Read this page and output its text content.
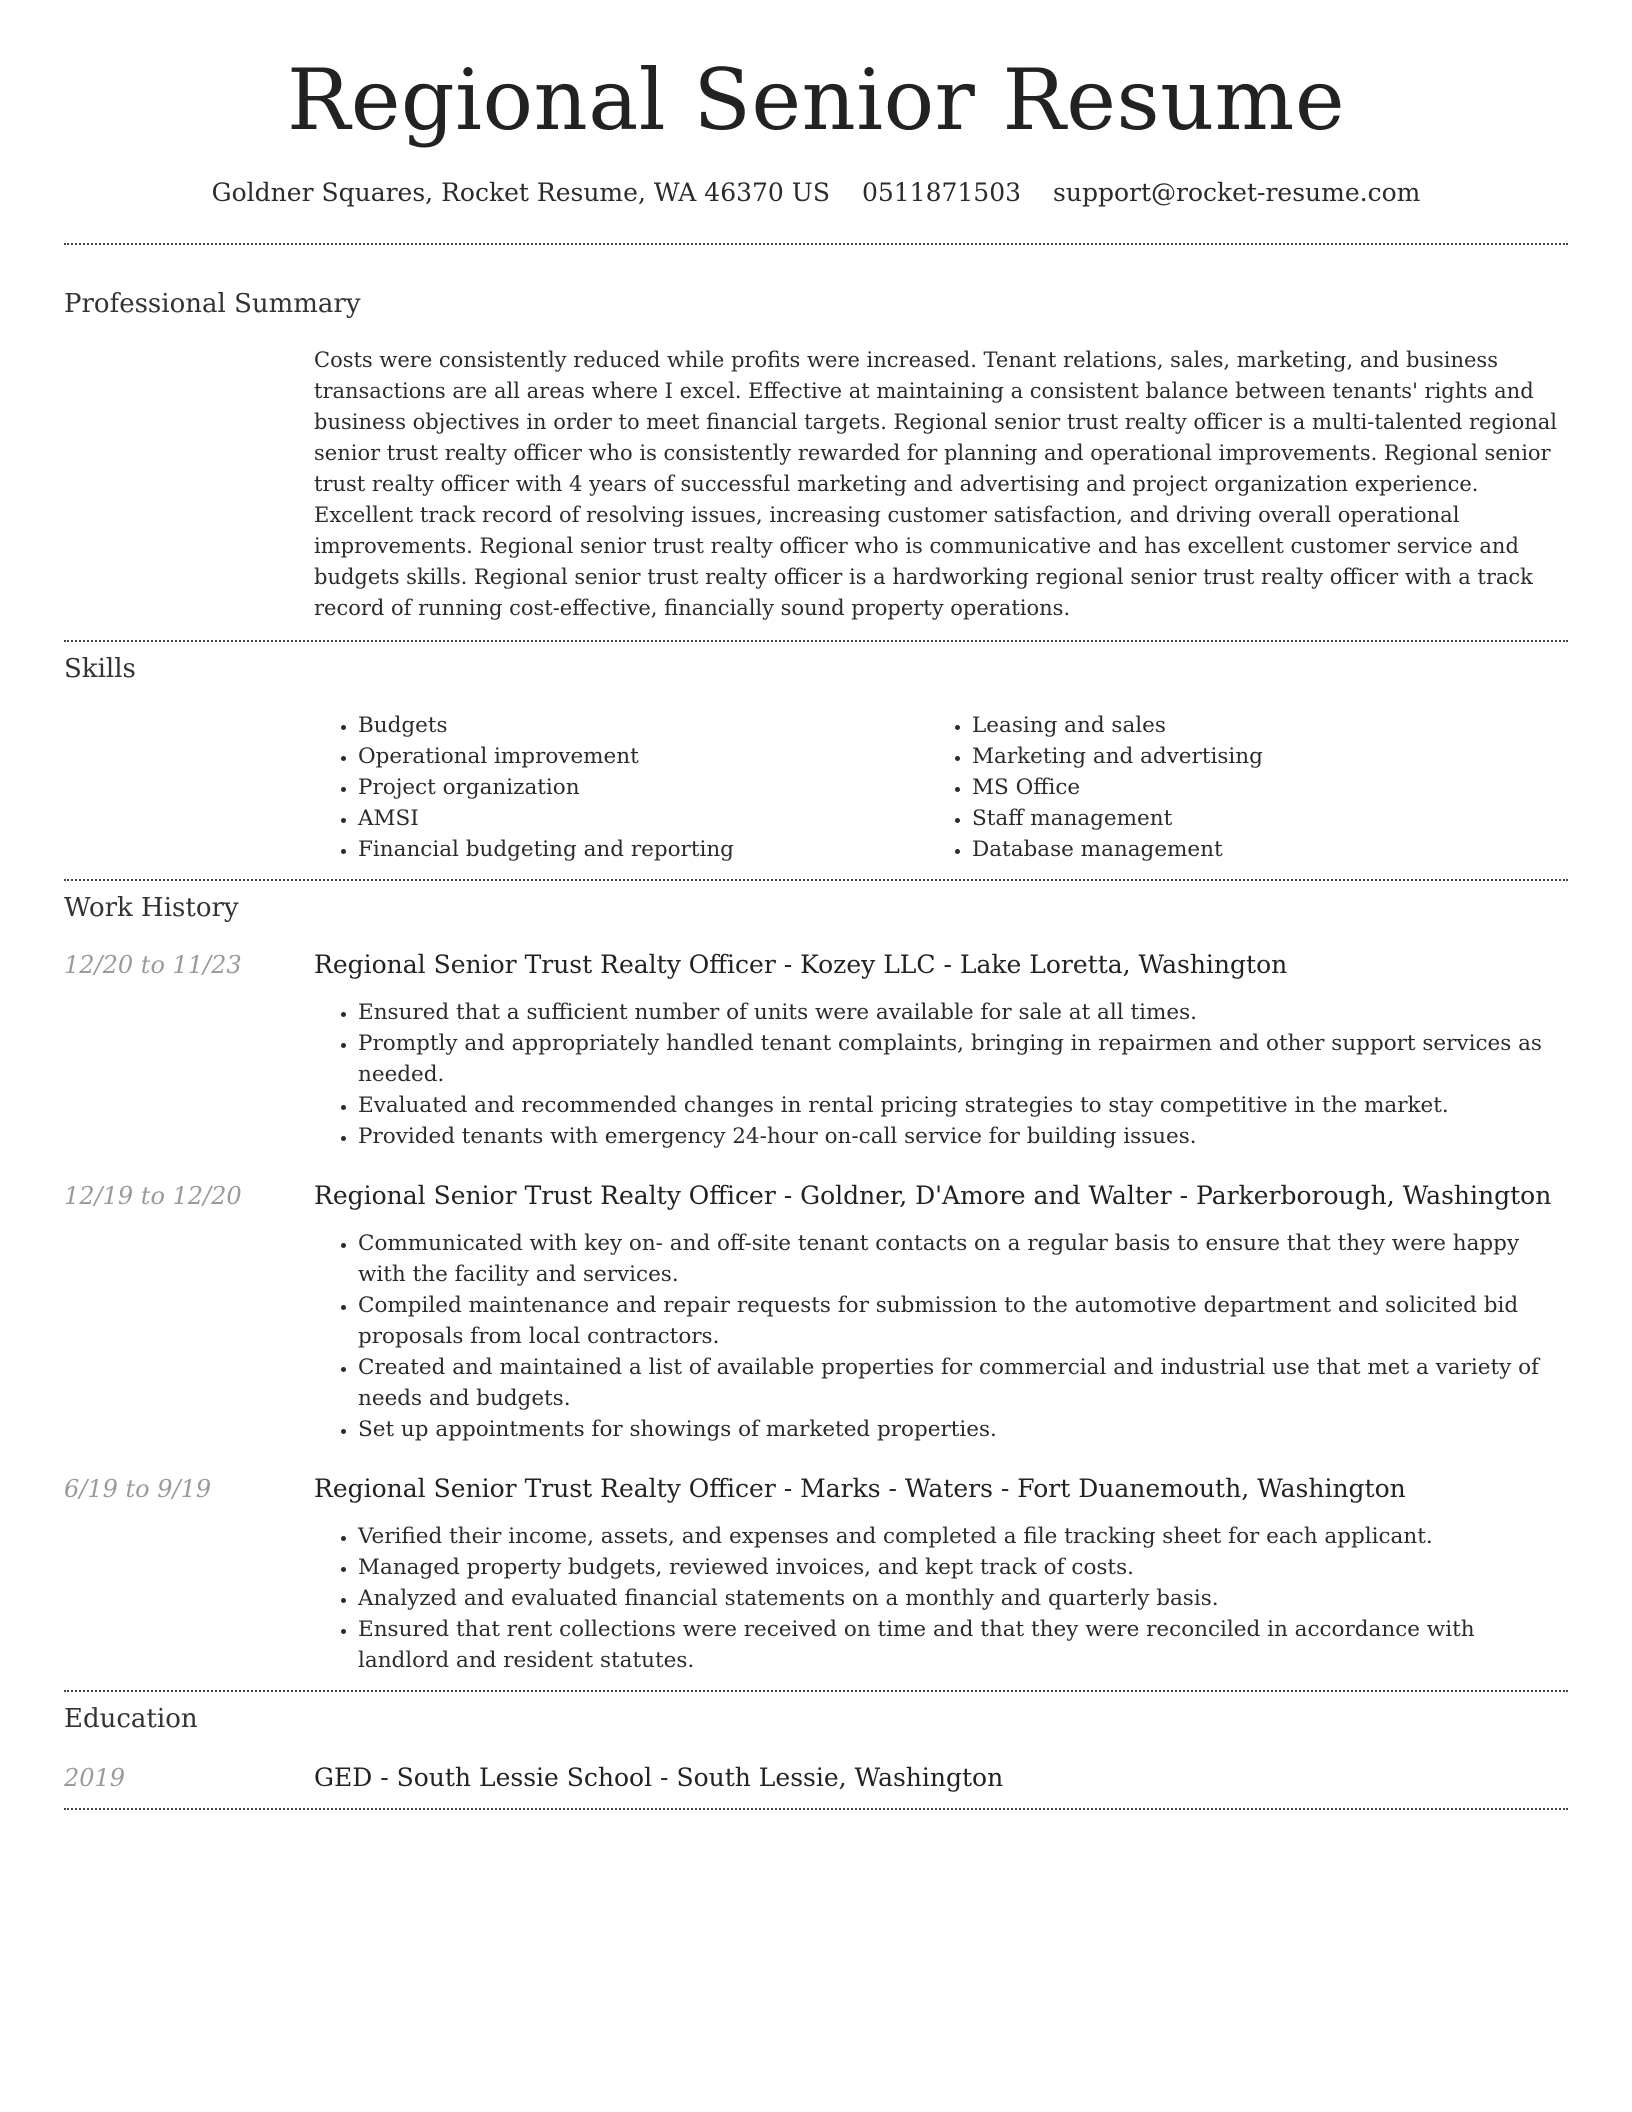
Regional Senior Resume
Goldner Squares, Rocket Resume, WA 46370 US 0511871503 support@rocket-resume.com
Professional Summary

Costs were consistently reduced while profits were increased. Tenant relations, sales, marketing, and business transactions are all areas where I excel. Effective at maintaining a consistent balance between tenants' rights and business objectives in order to meet financial targets. Regional senior trust realty officer is a multi-talented regional senior trust realty officer who is consistently rewarded for planning and operational improvements. Regional senior trust realty officer with 4 years of successful marketing and advertising and project organization experience. Excellent track record of resolving issues, increasing customer satisfaction, and driving overall operational improvements. Regional senior trust realty officer who is communicative and has excellent customer service and budgets skills. Regional senior trust realty officer is a hardworking regional senior trust realty officer with a track record of running cost-effective, financially sound property operations.

Skills
• Budgets
• Operational improvement
• Project organization
• AMSI
• Financial budgeting and reporting
• Leasing and sales
• Marketing and advertising
• MS Office
• Staff management
• Database management
Work History
12/20 to 11/23	Regional Senior Trust Realty Officer - Kozey LLC - Lake Loretta, Washington
• Ensured that a sufficient number of units were available for sale at all times.
• Promptly and appropriately handled tenant complaints, bringing in repairmen and other support services as needed.
• Evaluated and recommended changes in rental pricing strategies to stay competitive in the market.
• Provided tenants with emergency 24-hour on-call service for building issues.
12/19 to 12/20	Regional Senior Trust Realty Officer - Goldner, D'Amore and Walter - Parkerborough, Washington
• Communicated with key on- and off-site tenant contacts on a regular basis to ensure that they were happy with the facility and services.
• Compiled maintenance and repair requests for submission to the automotive department and solicited bid proposals from local contractors.
• Created and maintained a list of available properties for commercial and industrial use that met a variety of needs and budgets.
• Set up appointments for showings of marketed properties.
6/19 to 9/19	Regional Senior Trust Realty Officer - Marks - Waters - Fort Duanemouth, Washington
• Verified their income, assets, and expenses and completed a file tracking sheet for each applicant.
• Managed property budgets, reviewed invoices, and kept track of costs.
• Analyzed and evaluated financial statements on a monthly and quarterly basis.
• Ensured that rent collections were received on time and that they were reconciled in accordance with landlord and resident statutes.
Education
2019	GED - South Lessie School - South Lessie, Washington
